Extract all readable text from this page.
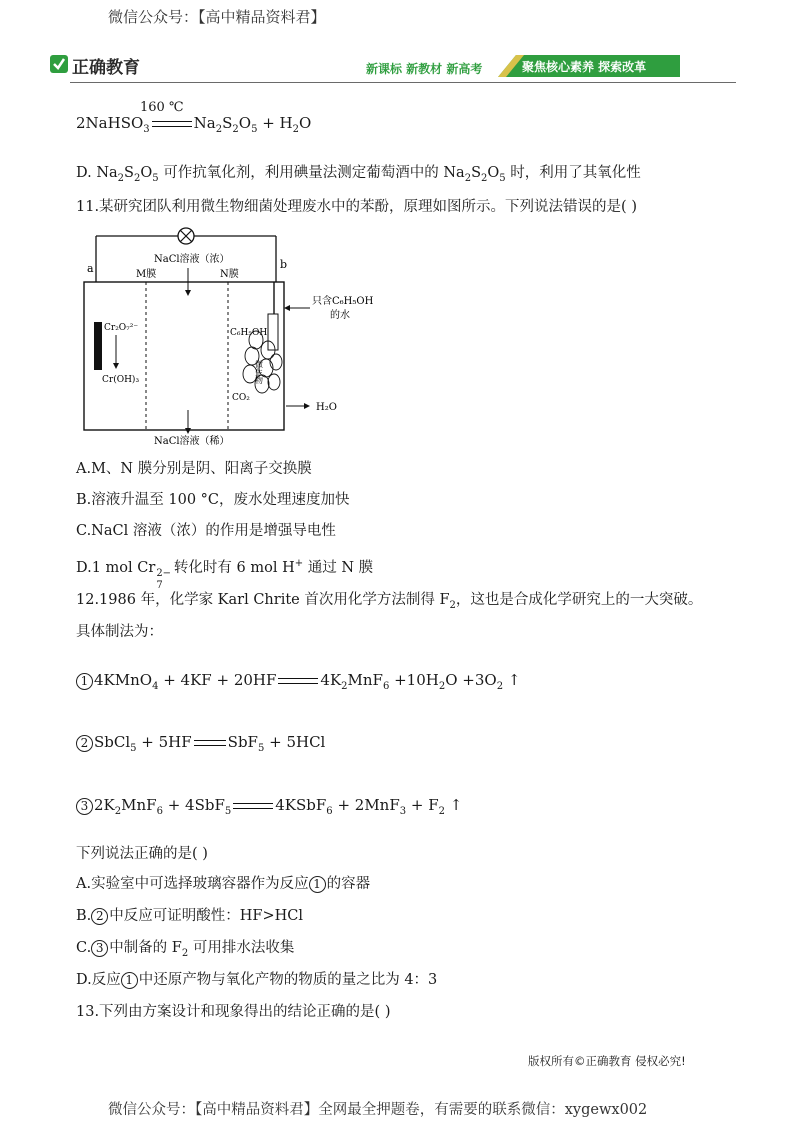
微信公众号：【高中精品资料君】
正确教育	新课标 新教材 新高考	聚焦核心素养 探索改革
160 ℃
2NaHSO$_3$	$Na_2S_2O_5 + H_2O$
D. $Na_2S_2O_5$ 可作抗氧化剂，利用碘量法测定葡萄酒中的 $Na_2S_2O_5$ 时，利用了其氧化性
11.某研究团队利用微生物细菌处理废水中的苯酚，原理如图所示。下列说法错误的是( )
a	b
NaCl溶液（浓）
M膜	N膜
Cr₂O₇²⁻
Cr(OH)₃
C₆H₅OH
微生物
CO₂
只含C₆H₅OH
的水
H₂O
NaCl溶液（稀）
A.M、N 膜分别是阴、阳离子交换膜
B.溶液升温至 100 °C，废水处理速度加快
C.NaCl 溶液（浓）的作用是增强导电性
D.1 mol Cr 2−
7
转化时有 6 mol H+ 通过 N 膜
12.1986 年，化学家 Karl Chrite 首次用化学方法制得 $F_2$，这也是合成化学研究上的一大突破。
具体制法为：
1 4KMnO$_4$ + 4KF + 20HF	$4K_2MnF_6 +10H_2O +3O_2$ ↑
2 SbCl$_5$ + 5HF SbF$_5$ + 5HCl
3 $2K_2MnF_6 + 4SbF_5$	4KSbF$_6$ + $2MnF_3 + F_2$ ↑
下列说法正确的是( )
A.实验室中可选择玻璃容器作为反应 1 的容器
B. 2 中反应可证明酸性：HF>HCl
C. 3 中制备的 $F_2$ 可用排水法收集
D.反应 1 中还原产物与氧化产物的物质的量之比为 4：3
13.下列由方案设计和现象得出的结论正确的是( )
版权所有©正确教育 侵权必究!
微信公众号：【高中精品资料君】全网最全押题卷，有需要的联系微信：xygewx002
